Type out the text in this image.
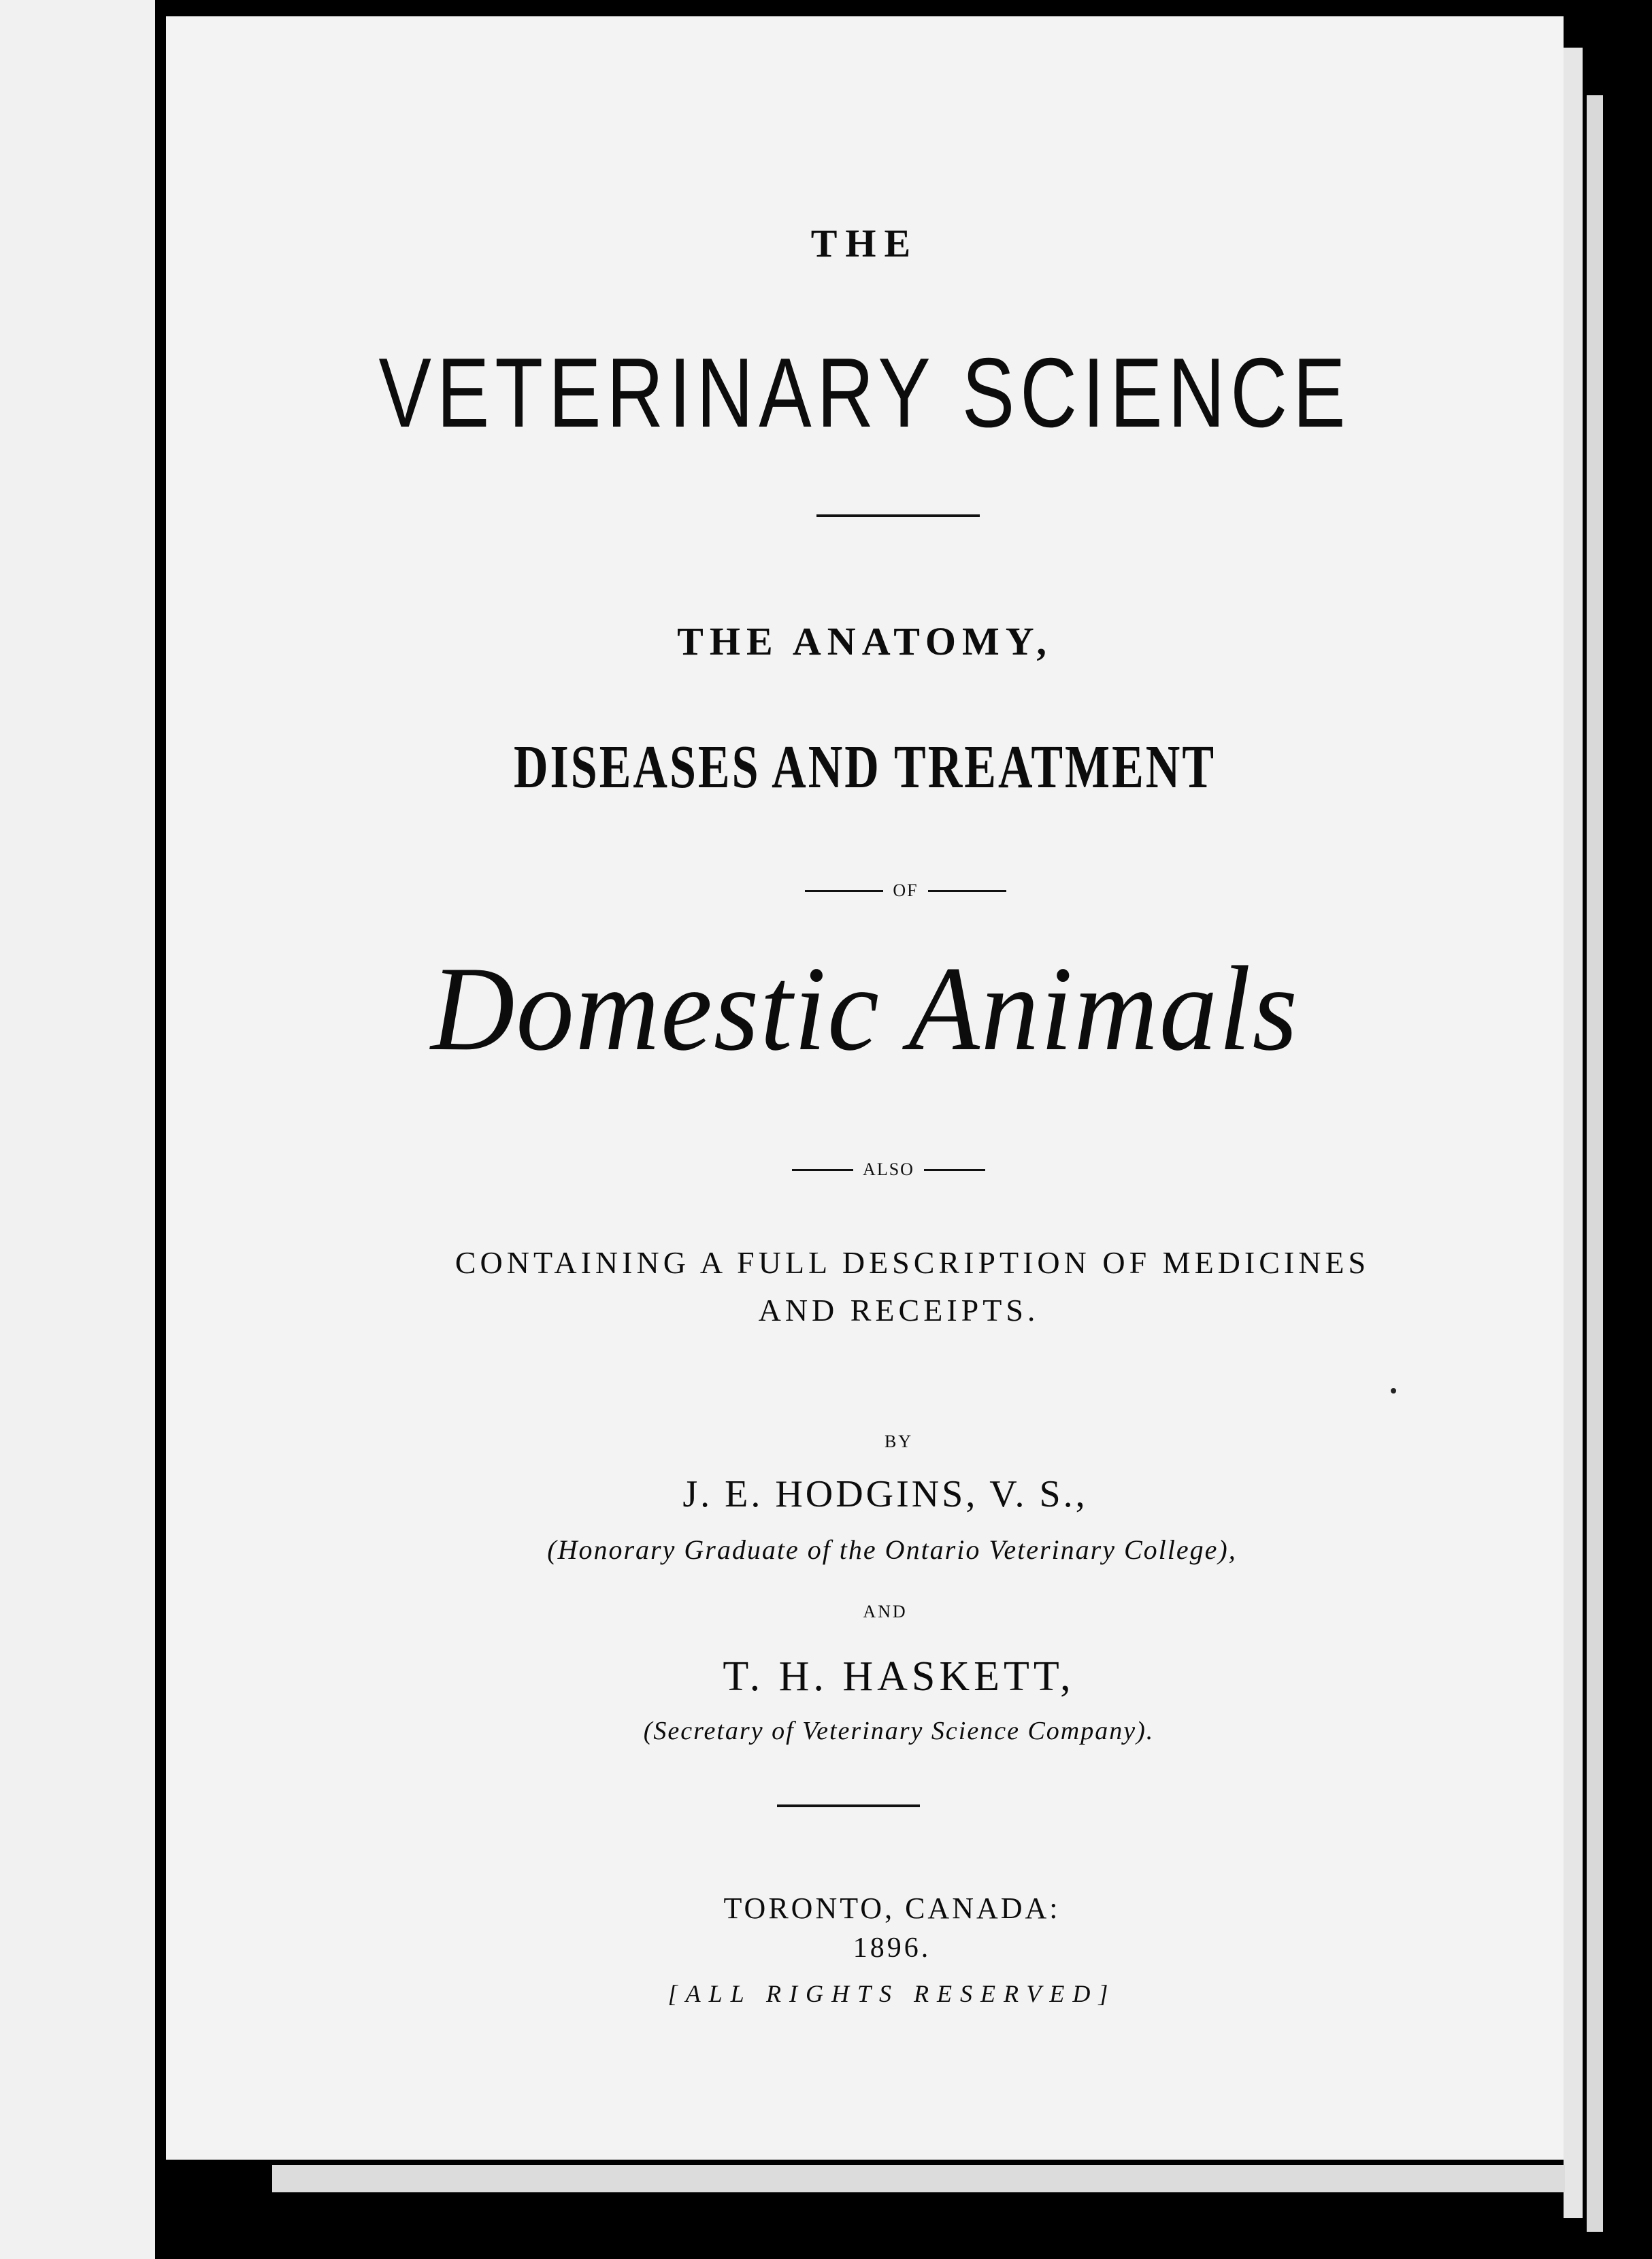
THE
VETERINARY SCIENCE
THE ANATOMY,
DISEASES AND TREATMENT
OF
Domestic Animals
ALSO
CONTAINING A FULL DESCRIPTION OF MEDICINES
AND RECEIPTS.
BY
J. E. HODGINS, V. S.,
(Honorary Graduate of the Ontario Veterinary College),
AND
T. H. HASKETT,
(Secretary of Veterinary Science Company).
TORONTO, CANADA:
1896.
[ALL RIGHTS RESERVED]
